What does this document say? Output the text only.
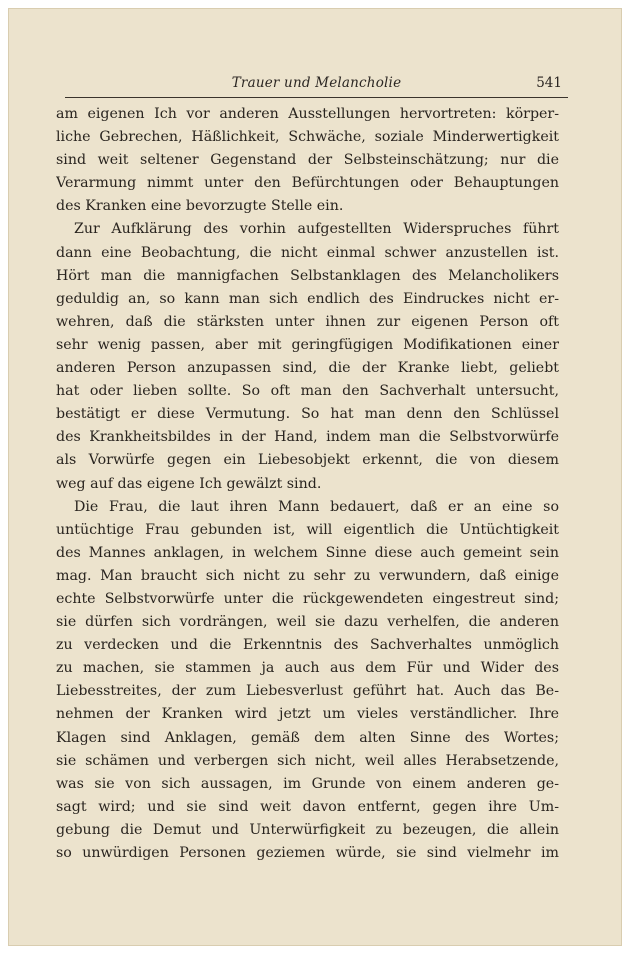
Trauer und Melancholie	541
am eigenen Ich vor anderen Ausstellungen hervortreten: körper-
liche Gebrechen, Häßlichkeit, Schwäche, soziale Minderwertigkeit
sind weit seltener Gegenstand der Selbsteinschätzung; nur die
Verarmung nimmt unter den Befürchtungen oder Behauptungen
des Kranken eine bevorzugte Stelle ein.
Zur Aufklärung des vorhin aufgestellten Widerspruches führt
dann eine Beobachtung, die nicht einmal schwer anzustellen ist.
Hört man die mannigfachen Selbstanklagen des Melancholikers
geduldig an, so kann man sich endlich des Eindruckes nicht er-
wehren, daß die stärksten unter ihnen zur eigenen Person oft
sehr wenig passen, aber mit geringfügigen Modifikationen einer
anderen Person anzupassen sind, die der Kranke liebt, geliebt
hat oder lieben sollte. So oft man den Sachverhalt untersucht,
bestätigt er diese Vermutung. So hat man denn den Schlüssel
des Krankheitsbildes in der Hand, indem man die Selbstvorwürfe
als Vorwürfe gegen ein Liebesobjekt erkennt, die von diesem
weg auf das eigene Ich gewälzt sind.
Die Frau, die laut ihren Mann bedauert, daß er an eine so
untüchtige Frau gebunden ist, will eigentlich die Untüchtigkeit
des Mannes anklagen, in welchem Sinne diese auch gemeint sein
mag. Man braucht sich nicht zu sehr zu verwundern, daß einige
echte Selbstvorwürfe unter die rückgewendeten eingestreut sind;
sie dürfen sich vordrängen, weil sie dazu verhelfen, die anderen
zu verdecken und die Erkenntnis des Sachverhaltes unmöglich
zu machen, sie stammen ja auch aus dem Für und Wider des
Liebesstreites, der zum Liebesverlust geführt hat. Auch das Be-
nehmen der Kranken wird jetzt um vieles verständlicher. Ihre
Klagen sind Anklagen, gemäß dem alten Sinne des Wortes;
sie schämen und verbergen sich nicht, weil alles Herabsetzende,
was sie von sich aussagen, im Grunde von einem anderen ge-
sagt wird; und sie sind weit davon entfernt, gegen ihre Um-
gebung die Demut und Unterwürfigkeit zu bezeugen, die allein
so unwürdigen Personen geziemen würde, sie sind vielmehr im
